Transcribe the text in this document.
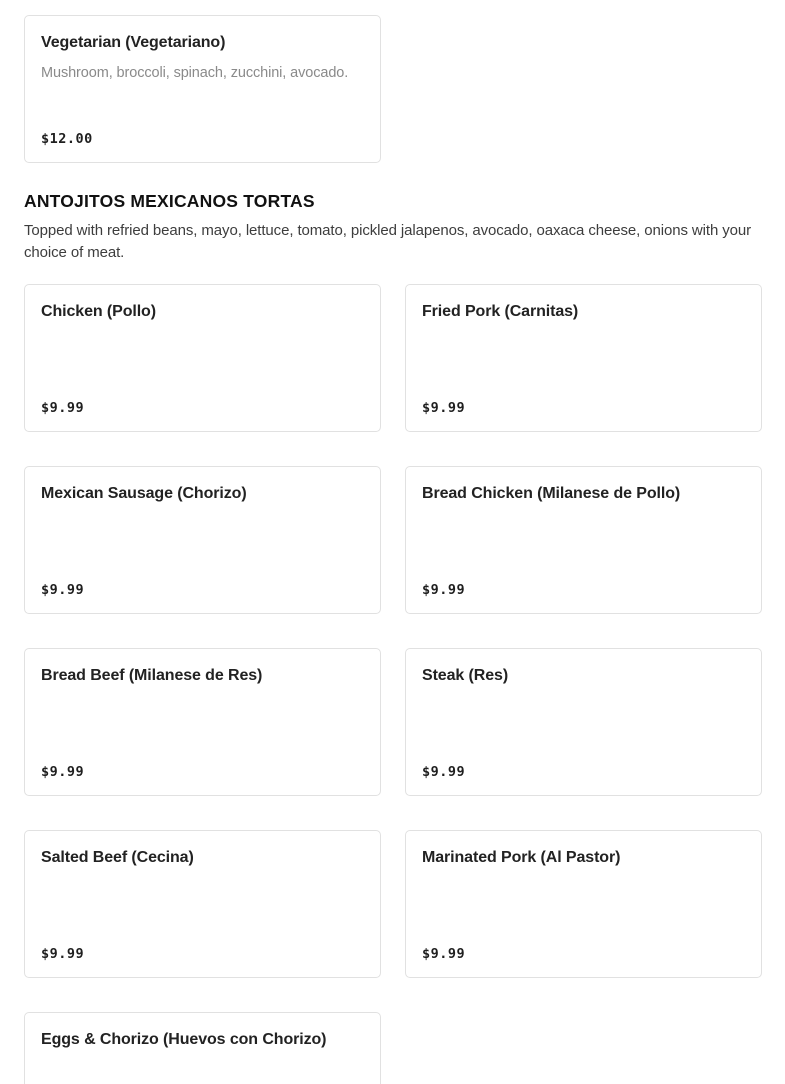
Vegetarian (Vegetariano)
Mushroom, broccoli, spinach, zucchini, avocado.
$12.00
ANTOJITOS MEXICANOS TORTAS

Topped with refried beans, mayo, lettuce, tomato, pickled jalapenos, avocado, oaxaca cheese, onions with your choice of meat.

Chicken (Pollo)
$9.99
Fried Pork (Carnitas)
$9.99
Mexican Sausage (Chorizo)
$9.99
Bread Chicken (Milanese de Pollo)
$9.99
Bread Beef (Milanese de Res)
$9.99
Steak (Res)
$9.99
Salted Beef (Cecina)
$9.99
Marinated Pork (Al Pastor)
$9.99
Eggs & Chorizo (Huevos con Chorizo)
